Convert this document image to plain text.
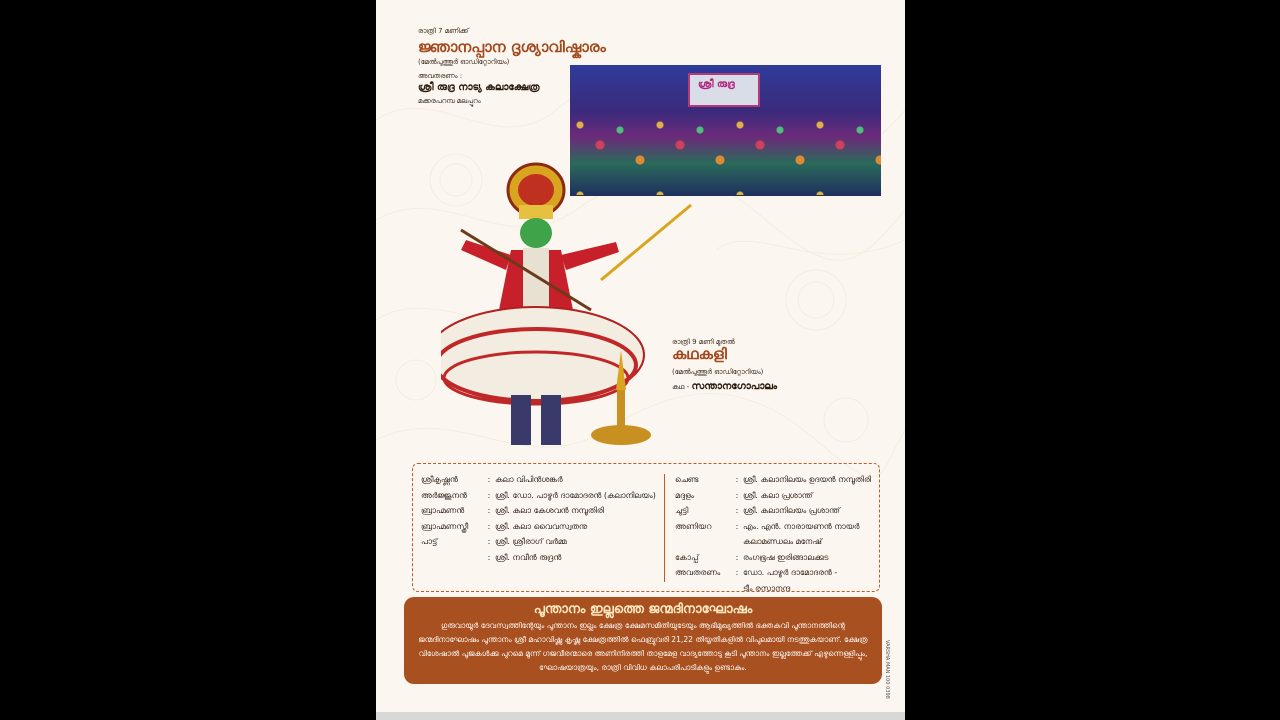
രാത്രി 7 മണിക്ക്
ജ്ഞാനപ്പാന ദൃശ്യാവിഷ്കാരം
(മേൽപുത്തൂർ ഓഡിറ്റോറിയം)
അവതരണം :
ശ്രീ രുദ്ര നാട്യ കലാക്ഷേത്ര
മക്കരപറമ്പ മലപ്പുറം
ശ്രീ രുദ്ര
രാത്രി 9 മണി മുതൽ
കഥകളി
(മേൽപുത്തൂർ ഓഡിറ്റോറിയം)
കഥ - സന്താനഗോപാലം
ശ്രീകൃഷ്ണൻ	: കലാ വിപിൻശങ്കർ
അർജ്ജുനൻ	: ശ്രീ. ഡോ. പാഴൂർ ദാമോദരൻ (കലാനിലയം)
ബ്രാഹ്മണൻ	: ശ്രീ. കലാ കേശവൻ നമ്പൂതിരി
ബ്രാഹ്മണസ്ത്രീ	: ശ്രീ. കലാ വൈവസ്വതനു
പാട്ട്	: ശ്രീ. ശ്രീരാഗ് വർമ്മ
: ശ്രീ. നവീൻ രുദ്രൻ
ചെണ്ട	: ശ്രീ. കലാനിലയം ഉദയൻ നമ്പൂതിരി
മദ്ദളം	: ശ്രീ. കലാ പ്രശാന്ത്
ചുട്ടി	: ശ്രീ. കലാനിലയം പ്രശാന്ത്
അണിയറ	: എം. എൻ. നാരായണൻ നായർ
കലാമണ്ഡലം മനേഷ്
കോപ്പ്	: രംഗഭൂഷ ഇരിങ്ങാലക്കുട
അവതരണം	: ഡോ. പാഴൂർ ദാമോദരൻ -
ടീം രസാനന്ദ
പൂന്താനം ഇല്ലത്തെ ജന്മദിനാഘോഷം
ഗുരുവായൂർ ദേവസ്വത്തിന്റേയും പൂന്താനം ഇല്ലം ക്ഷേത്ര ക്ഷേമസമിതിയുടേയും ആഭിമുഖ്യത്തിൽ ഭക്തകവി പൂന്താനത്തിന്റെ ജന്മദിനാഘോഷം പൂന്താനം ശ്രീ മഹാവിഷ്ണു കൃഷ്ണ ക്ഷേത്രത്തിൽ ഫെബ്രുവരി 21,22 തിയ്യതികളിൽ വിപുലമായി നടത്തുകയാണ്. ക്ഷേത്ര വിശേഷാൽ പൂജകൾക്കു പുറമെ മൂന്ന് ഗജവീരന്മാരെ അണിനിരത്തി താളമേള വാദ്യത്തോടു കൂടി പൂന്താനം ഇല്ലത്തേക്ക് എഴുന്നെള്ളിപ്പും, ഘോഷയാത്രയും, രാത്രി വിവിധ കലാപരിപാടികളും ഉണ്ടാകും.	VARSHA MAN 100 0398
